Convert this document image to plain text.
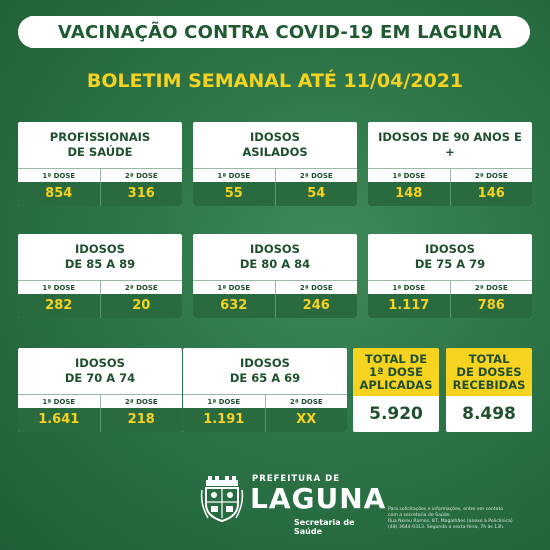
VACINAÇÃO CONTRA COVID-19 EM LAGUNA
BOLETIM SEMANAL ATÉ 11/04/2021
PROFISSIONAIS
DE SAÚDE
1ª DOSE	2ª DOSE
854	316
IDOSOS
ASILADOS
1ª DOSE	2ª DOSE
55	54
IDOSOS DE 90 ANOS E +
1ª DOSE	2ª DOSE
148	146
IDOSOS
DE 85 A 89
1ª DOSE	2ª DOSE
282	20
IDOSOS
DE 80 A 84
1ª DOSE	2ª DOSE
632	246
IDOSOS
DE 75 A 79
1ª DOSE	2ª DOSE
1.117	786
IDOSOS
DE 70 A 74
1ª DOSE	2ª DOSE
1.641	218
IDOSOS
DE 65 A 69
1ª DOSE	2ª DOSE
1.191	XX
TOTAL DE
1ª DOSE
APLICADAS
5.920
TOTAL
DE DOSES
RECEBIDAS
8.498
PREFEITURA DE
LAGUNA
Secretaria de Saúde
Para solicitações e informações, entre em contato
com a secretaria de Saúde.
Rua Nereu Ramos, 87, Magalhães (anexo à Policlínica).
(48) 3644-0313. Segunda a sexta-feira, 7h às 13h.
